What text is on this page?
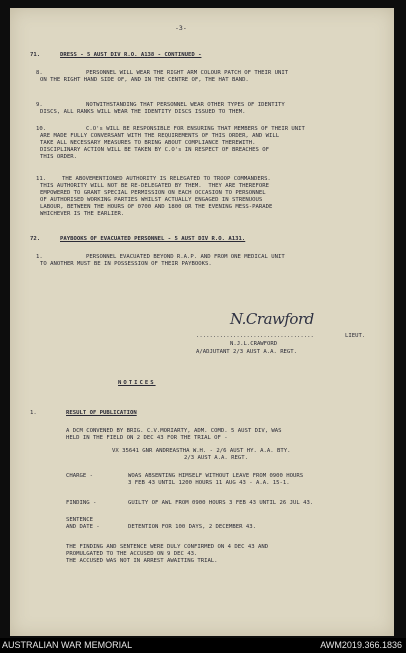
-3-
71.	DRESS - 5 AUST DIV R.O. A138 - CONTINUED -
8.	PERSONNEL WILL WEAR THE RIGHT ARM COLOUR PATCH OF THEIR UNIT
ON THE RIGHT HAND SIDE OF, AND IN THE CENTRE OF, THE HAT BAND.
9.	NOTWITHSTANDING THAT PERSONNEL WEAR OTHER TYPES OF IDENTITY
DISCS, ALL RANKS WILL WEAR THE IDENTITY DISCS ISSUED TO THEM.
10.	C.O's WILL BE RESPONSIBLE FOR ENSURING THAT MEMBERS OF THEIR UNIT
ARE MADE FULLY CONVERSANT WITH THE REQUIREMENTS OF THIS ORDER, AND WILL
TAKE ALL NECESSARY MEASURES TO BRING ABOUT COMPLIANCE THEREWITH.
DISCIPLINARY ACTION WILL BE TAKEN BY C.O's IN RESPECT OF BREACHES OF
THIS ORDER.
11.	THE ABOVEMENTIONED AUTHORITY IS RELEGATED TO TROOP COMMANDERS.
THIS AUTHORITY WILL NOT BE RE-DELEGATED BY THEM.  THEY ARE THEREFORE
EMPOWERED TO GRANT SPECIAL PERMISSION ON EACH OCCASION TO PERSONNEL
OF AUTHORISED WORKING PARTIES WHILST ACTUALLY ENGAGED IN STRENUOUS
LABOUR, BETWEEN THE HOURS OF 0700 AND 1800 OR THE EVENING MESS-PARADE
WHICHEVER IS THE EARLIER.
72.	PAYBOOKS OF EVACUATED PERSONNEL - 5 AUST DIV R.O. A131.
1.	PERSONNEL EVACUATED BEYOND R.A.P. AND FROM ONE MEDICAL UNIT
TO ANOTHER MUST BE IN POSSESSION OF THEIR PAYBOOKS.
N.Crawford
...................................	LIEUT.
N.J.L.CRAWFORD
A/ADJUTANT 2/3 AUST A.A. REGT.
NOTICES
1.	RESULT OF PUBLICATION
A DCM CONVENED BY BRIG. C.V.MORIARTY, ADM. COMD. 5 AUST DIV, WAS
HELD IN THE FIELD ON 2 DEC 43 FOR THE TRIAL OF -
VX 35641 GNR ANDREASTHA W.H. - 2/6 AUST HY. A.A. BTY.
2/3 AUST A.A. REGT.
CHARGE -	WOAS ABSENTING HIMSELF WITHOUT LEAVE FROM 0900 HOURS
3 FEB 43 UNTIL 1200 HOURS 11 AUG 43 - A.A. 15-1.
FINDING -	GUILTY OF AWL FROM 0900 HOURS 3 FEB 43 UNTIL 26 JUL 43.
SENTENCE
AND DATE -	DETENTION FOR 100 DAYS, 2 DECEMBER 43.
THE FINDING AND SENTENCE WERE DULY CONFIRMED ON 4 DEC 43 AND
PROMULGATED TO THE ACCUSED ON 9 DEC 43.
THE ACCUSED WAS NOT IN ARREST AWAITING TRIAL.
AUSTRALIAN WAR MEMORIAL	AWM2019.366.1836
